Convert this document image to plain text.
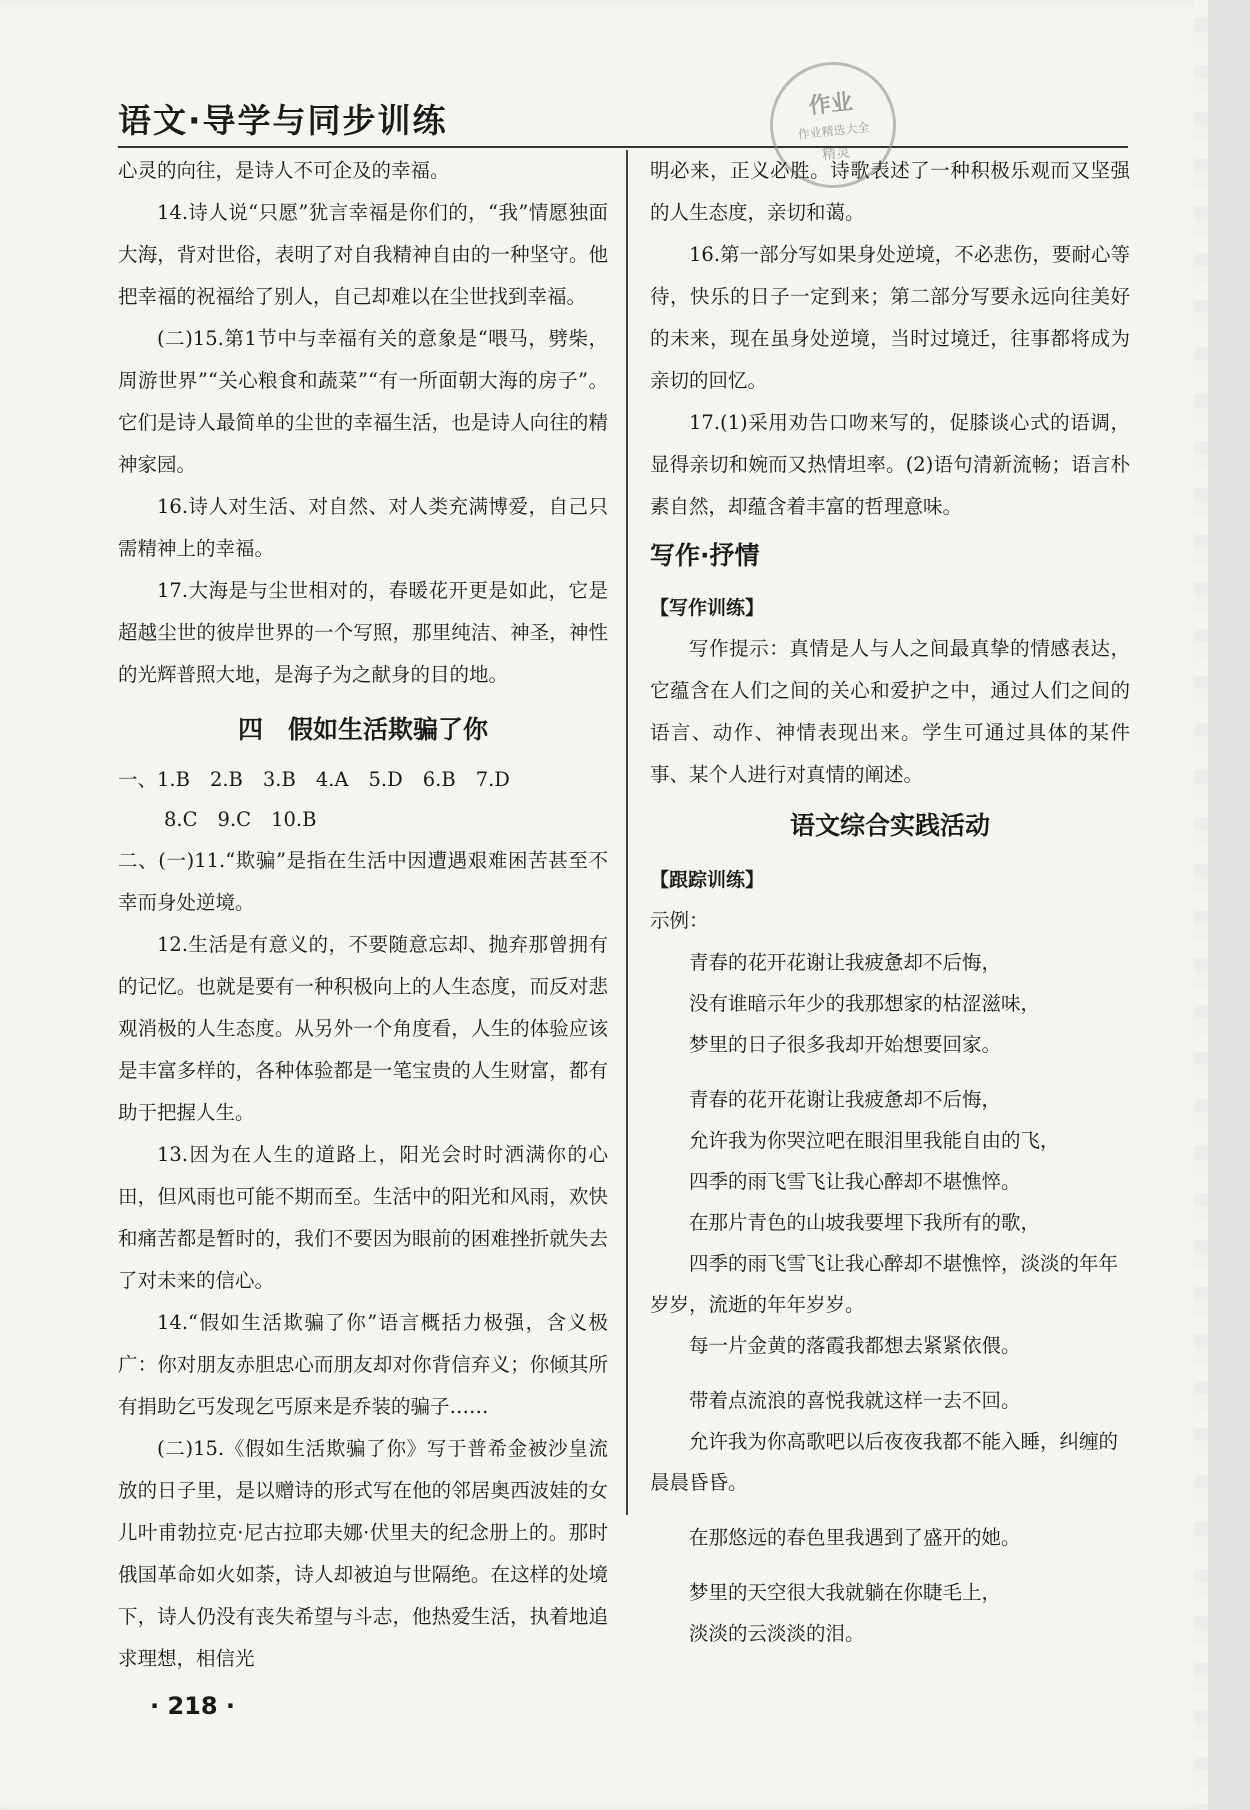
语文·导学与同步训练	作业
作业精选大全
精灵

心灵的向往，是诗人不可企及的幸福。

14.诗人说“只愿”犹言幸福是你们的，“我”情愿独面大海，背对世俗，表明了对自我精神自由的一种坚守。他把幸福的祝福给了别人，自己却难以在尘世找到幸福。

(二)15.第1节中与幸福有关的意象是“喂马，劈柴，周游世界”“关心粮食和蔬菜”“有一所面朝大海的房子”。它们是诗人最简单的尘世的幸福生活，也是诗人向往的精神家园。

16.诗人对生活、对自然、对人类充满博爱，自己只需精神上的幸福。

17.大海是与尘世相对的，春暖花开更是如此，它是超越尘世的彼岸世界的一个写照，那里纯洁、神圣，神性的光辉普照大地，是海子为之献身的目的地。

四　假如生活欺骗了你
一、1.B 2.B 3.B 4.A 5.D 6.B 7.D
8.C 9.C 10.B

二、(一)11.“欺骗”是指在生活中因遭遇艰难困苦甚至不幸而身处逆境。

12.生活是有意义的，不要随意忘却、抛弃那曾拥有的记忆。也就是要有一种积极向上的人生态度，而反对悲观消极的人生态度。从另外一个角度看，人生的体验应该是丰富多样的，各种体验都是一笔宝贵的人生财富，都有助于把握人生。

13.因为在人生的道路上，阳光会时时洒满你的心田，但风雨也可能不期而至。生活中的阳光和风雨，欢快和痛苦都是暂时的，我们不要因为眼前的困难挫折就失去了对未来的信心。

14.“假如生活欺骗了你”语言概括力极强，含义极广：你对朋友赤胆忠心而朋友却对你背信弃义；你倾其所有捐助乞丐发现乞丐原来是乔装的骗子……

(二)15.《假如生活欺骗了你》写于普希金被沙皇流放的日子里，是以赠诗的形式写在他的邻居奥西波娃的女儿叶甫勃拉克·尼古拉耶夫娜·伏里夫的纪念册上的。那时俄国革命如火如荼，诗人却被迫与世隔绝。在这样的处境下，诗人仍没有丧失希望与斗志，他热爱生活，执着地追求理想，相信光

明必来，正义必胜。诗歌表述了一种积极乐观而又坚强的人生态度，亲切和蔼。

16.第一部分写如果身处逆境，不必悲伤，要耐心等待，快乐的日子一定到来；第二部分写要永远向往美好的未来，现在虽身处逆境，当时过境迁，往事都将成为亲切的回忆。

17.(1)采用劝告口吻来写的，促膝谈心式的语调，显得亲切和婉而又热情坦率。(2)语句清新流畅；语言朴素自然，却蕴含着丰富的哲理意味。

写作·抒情
【写作训练】

写作提示：真情是人与人之间最真挚的情感表达，它蕴含在人们之间的关心和爱护之中，通过人们之间的语言、动作、神情表现出来。学生可通过具体的某件事、某个人进行对真情的阐述。

语文综合实践活动
【跟踪训练】

示例：

青春的花开花谢让我疲惫却不后悔，

没有谁暗示年少的我那想家的枯涩滋味，

梦里的日子很多我却开始想要回家。

青春的花开花谢让我疲惫却不后悔，

允许我为你哭泣吧在眼泪里我能自由的飞，

四季的雨飞雪飞让我心醉却不堪憔悴。

在那片青色的山坡我要埋下我所有的歌，

四季的雨飞雪飞让我心醉却不堪憔悴，淡淡的年年岁岁，流逝的年年岁岁。

每一片金黄的落霞我都想去紧紧依偎。

带着点流浪的喜悦我就这样一去不回。

允许我为你高歌吧以后夜夜我都不能入睡，纠缠的晨晨昏昏。

在那悠远的春色里我遇到了盛开的她。

梦里的天空很大我就躺在你睫毛上，

淡淡的云淡淡的泪。

· 218 ·
